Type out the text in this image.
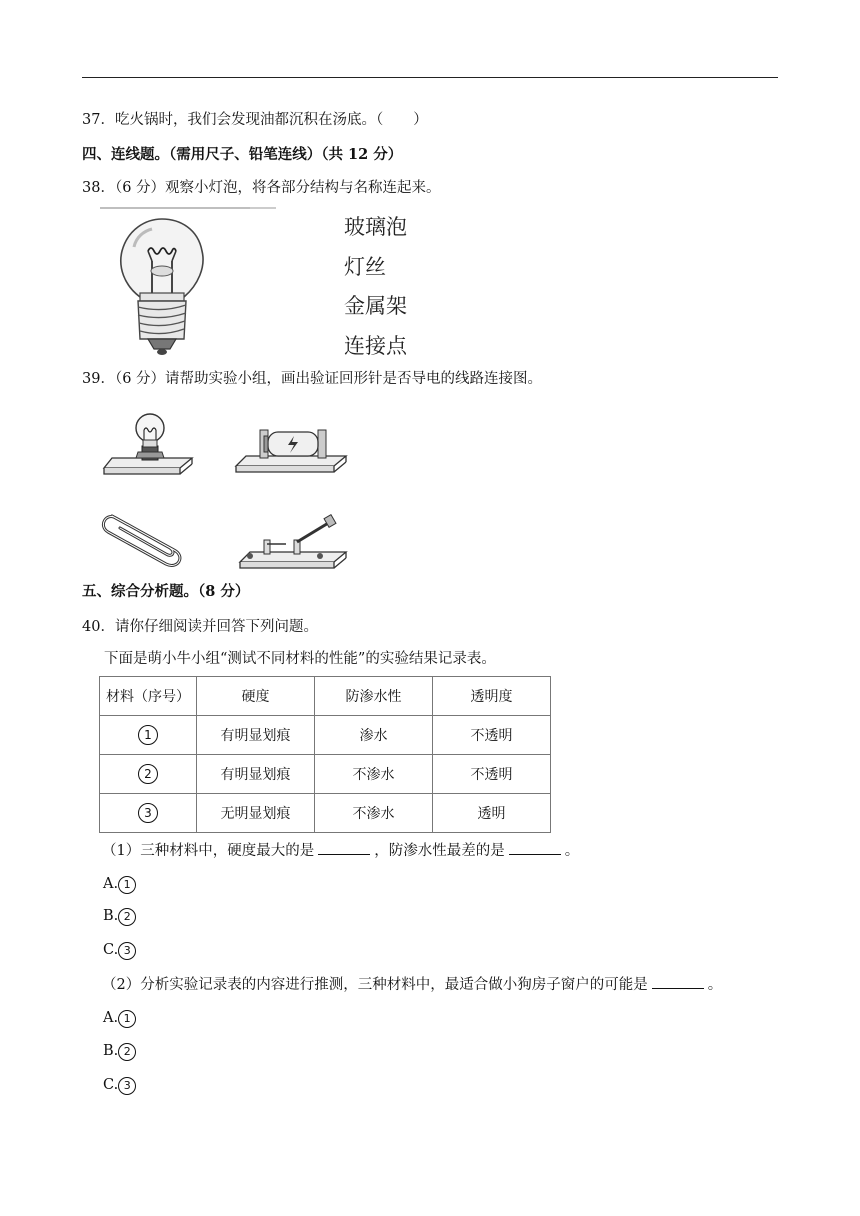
37．吃火锅时，我们会发现油都沉积在汤底。（ ）
四、连线题。（需用尺子、铅笔连线）（共 12 分）
38．（6 分）观察小灯泡，将各部分结构与名称连起来。
玻璃泡
灯丝
金属架
连接点
39．（6 分）请帮助实验小组，画出验证回形针是否导电的线路连接图。
五、综合分析题。（8 分）
40．请你仔细阅读并回答下列问题。
下面是萌小牛小组“测试不同材料的性能”的实验结果记录表。
材料（序号）	硬度	防渗水性	透明度
1	有明显划痕	渗水	不透明
2	有明显划痕	不渗水	不透明
3	无明显划痕	不渗水	透明
（1）三种材料中，硬度最大的是	，防渗水性最差的是	。
A. 1
B. 2
C. 3
（2）分析实验记录表的内容进行推测，三种材料中，最适合做小狗房子窗户的可能是	。
A. 1
B. 2
C. 3
